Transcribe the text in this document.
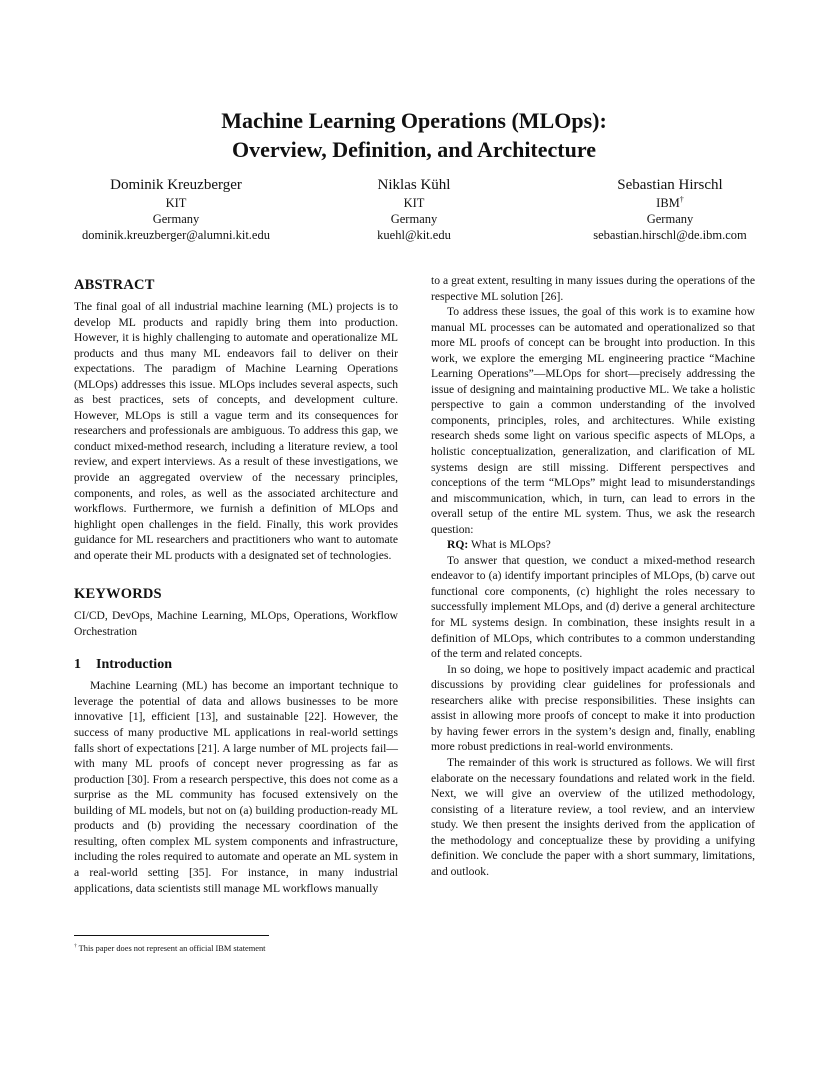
Machine Learning Operations (MLOps):
Overview, Definition, and Architecture
Dominik Kreuzberger
KIT
Germany
dominik.kreuzberger@alumni.kit.edu
Niklas Kühl
KIT
Germany
kuehl@kit.edu
Sebastian Hirschl
IBM†
Germany
sebastian.hirschl@de.ibm.com
ABSTRACT

The final goal of all industrial machine learning (ML) projects is to develop ML products and rapidly bring them into production. However, it is highly challenging to automate and operationalize ML products and thus many ML endeavors fail to deliver on their expectations. The paradigm of Machine Learning Operations (MLOps) addresses this issue. MLOps includes several aspects, such as best practices, sets of concepts, and development culture. However, MLOps is still a vague term and its consequences for researchers and professionals are ambiguous. To address this gap, we conduct mixed-method research, including a literature review, a tool review, and expert interviews. As a result of these investigations, we provide an aggregated overview of the necessary principles, components, and roles, as well as the associated architecture and workflows. Furthermore, we furnish a definition of MLOps and highlight open challenges in the field. Finally, this work provides guidance for ML researchers and practitioners who want to automate and operate their ML products with a designated set of technologies.

KEYWORDS

CI/CD, DevOps, Machine Learning, MLOps, Operations, Workflow Orchestration

1 Introduction

Machine Learning (ML) has become an important technique to leverage the potential of data and allows businesses to be more innovative [1], efficient [13], and sustainable [22]. However, the success of many productive ML applications in real-world settings falls short of expectations [21]. A large number of ML projects fail—with many ML proofs of concept never progressing as far as production [30]. From a research perspective, this does not come as a surprise as the ML community has focused extensively on the building of ML models, but not on (a) building production-ready ML products and (b) providing the necessary coordination of the resulting, often complex ML system components and infrastructure, including the roles required to automate and operate an ML system in a real-world setting [35]. For instance, in many industrial applications, data scientists still manage ML workflows manually

to a great extent, resulting in many issues during the operations of the respective ML solution [26].

To address these issues, the goal of this work is to examine how manual ML processes can be automated and operationalized so that more ML proofs of concept can be brought into production. In this work, we explore the emerging ML engineering practice “Machine Learning Operations”—MLOps for short—precisely addressing the issue of designing and maintaining productive ML. We take a holistic perspective to gain a common understanding of the involved components, principles, roles, and architectures. While existing research sheds some light on various specific aspects of MLOps, a holistic conceptualization, generalization, and clarification of ML systems design are still missing. Different perspectives and conceptions of the term “MLOps” might lead to misunderstandings and miscommunication, which, in turn, can lead to errors in the overall setup of the entire ML system. Thus, we ask the research question:

RQ: What is MLOps?

To answer that question, we conduct a mixed-method research endeavor to (a) identify important principles of MLOps, (b) carve out functional core components, (c) highlight the roles necessary to successfully implement MLOps, and (d) derive a general architecture for ML systems design. In combination, these insights result in a definition of MLOps, which contributes to a common understanding of the term and related concepts.

In so doing, we hope to positively impact academic and practical discussions by providing clear guidelines for professionals and researchers alike with precise responsibilities. These insights can assist in allowing more proofs of concept to make it into production by having fewer errors in the system’s design and, finally, enabling more robust predictions in real-world environments.

The remainder of this work is structured as follows. We will first elaborate on the necessary foundations and related work in the field. Next, we will give an overview of the utilized methodology, consisting of a literature review, a tool review, and an interview study. We then present the insights derived from the application of the methodology and conceptualize these by providing a unifying definition. We conclude the paper with a short summary, limitations, and outlook.

† This paper does not represent an official IBM statement
